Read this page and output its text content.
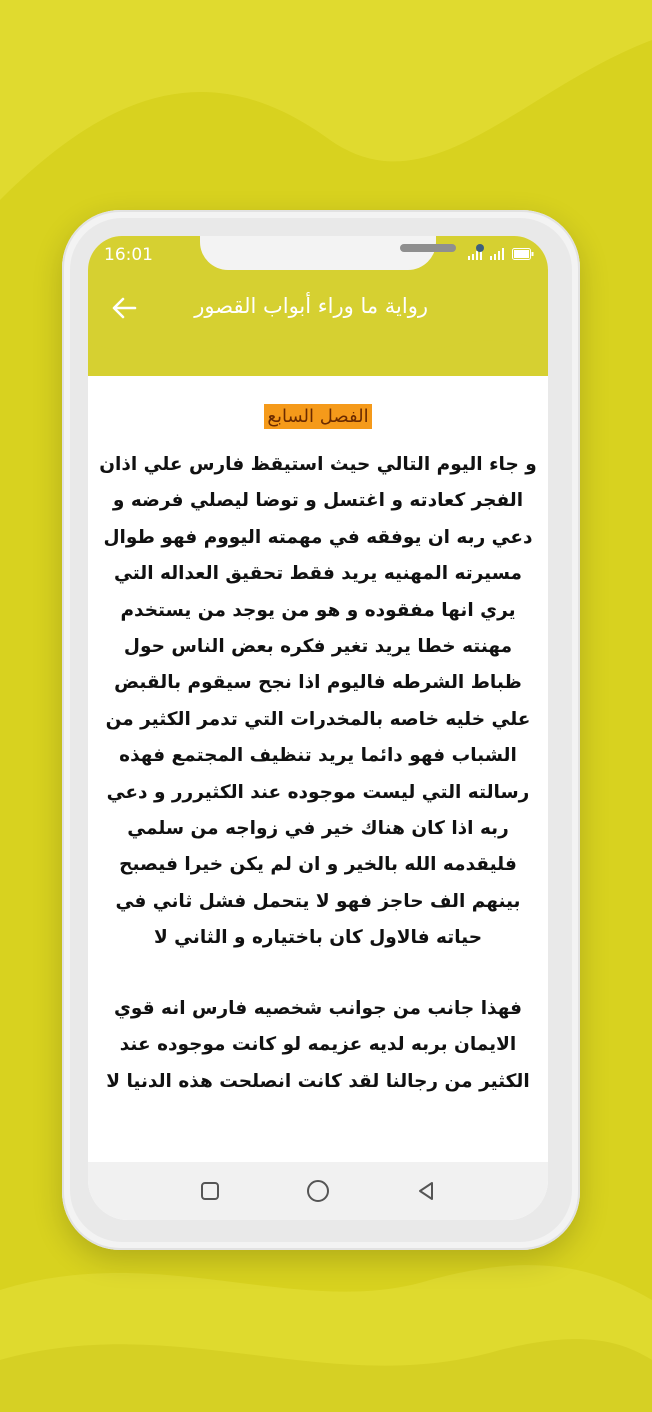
16:01
رواية ما وراء أبواب القصور
الفصل السابع

و جاء اليوم التالي حيث استيقظ فارس علي اذان الفجر كعادته و اغتسل و توضا ليصلي فرضه و دعي ربه ان يوفقه في مهمته اليووم فهو طوال مسيرته المهنيه يريد فقط تحقيق العداله التي يري انها مفقوده و هو من يوجد من يستخدم مهنته خطا يريد تغير فكره بعض الناس حول ظباط الشرطه فاليوم اذا نجح سيقوم بالقبض علي خليه خاصه بالمخدرات التي تدمر الكثير من الشباب فهو دائما يريد تنظيف المجتمع فهذه رسالته التي ليست موجوده عند الكثيررر و دعي ربه اذا كان هناك خير في زواجه من سلمي فليقدمه الله بالخير و ان لم يكن خيرا فيصبح بينهم الف حاجز فهو لا يتحمل فشل ثاني في حياته فالاول كان باختياره و الثاني لا

فهذا جانب من جوانب شخصيه فارس انه قوي الايمان بربه لديه عزيمه لو كانت موجوده عند الكثير من رجالنا لقد كانت انصلحت هذه الدنيا لا
